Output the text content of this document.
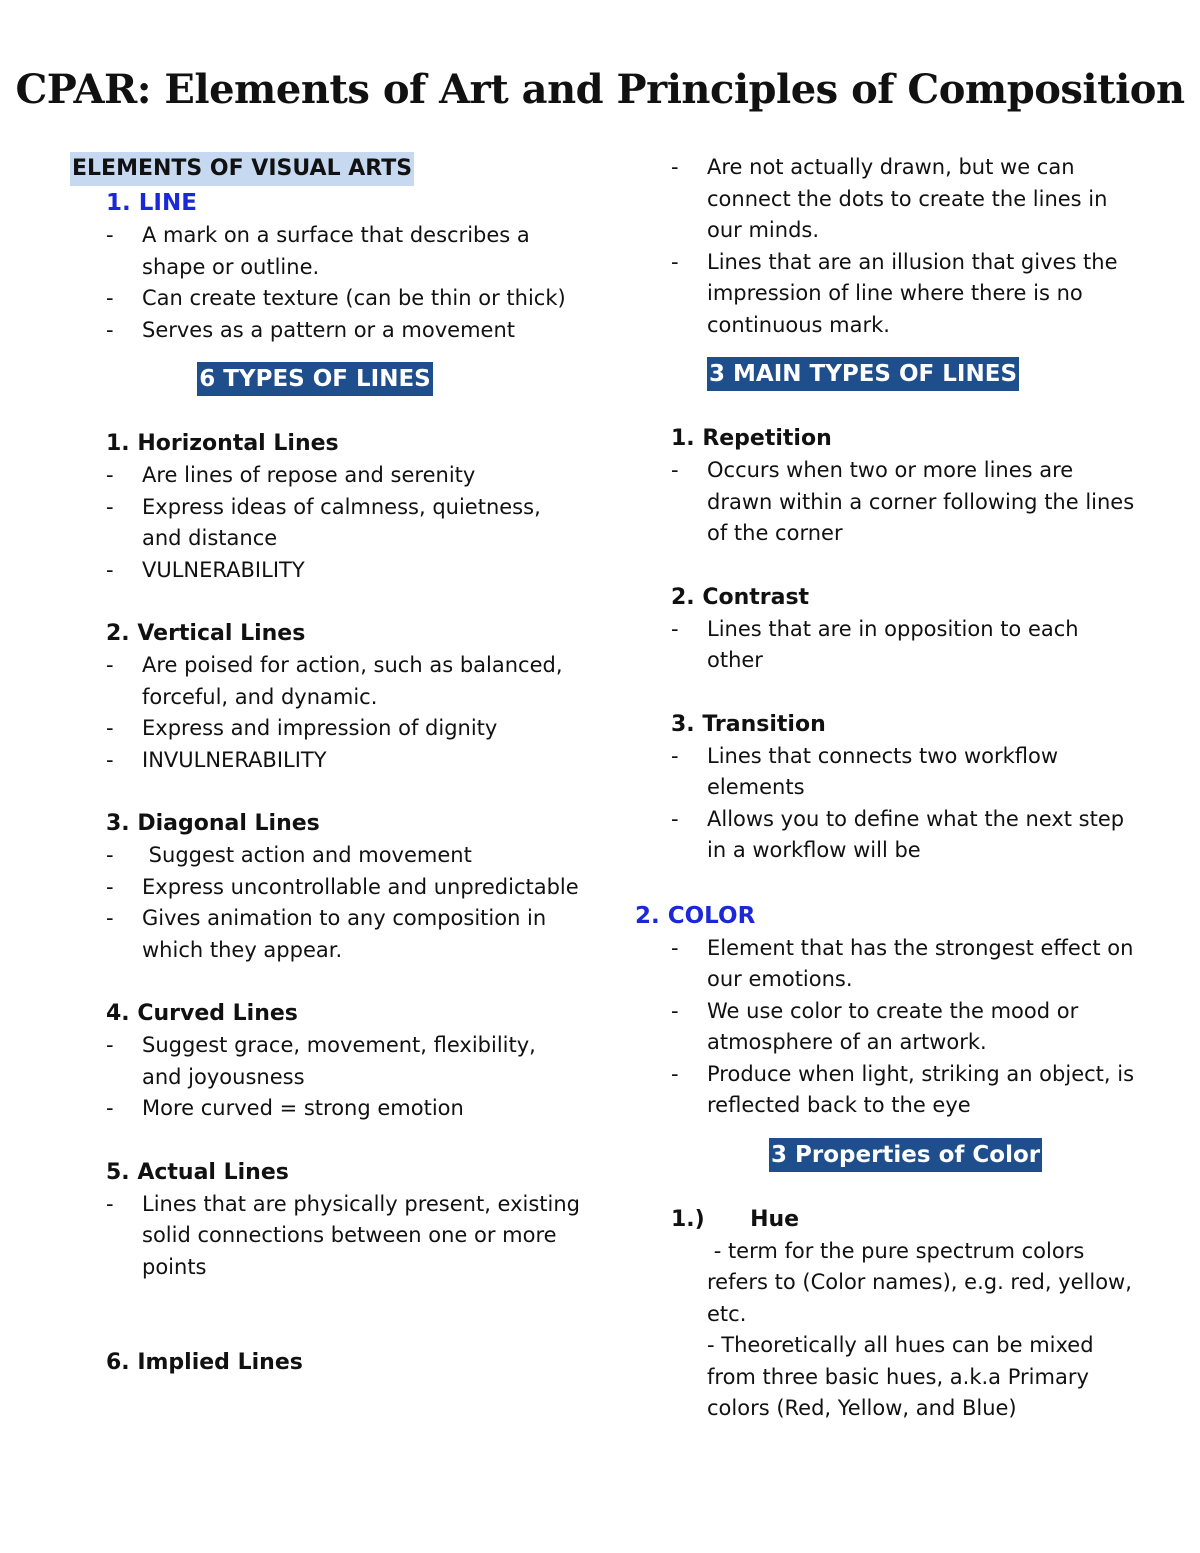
CPAR: Elements of Art and Principles of Composition
ELEMENTS OF VISUAL ARTS
1. LINE
-	A mark on a surface that describes a shape or outline.
-	Can create texture (can be thin or thick)
-	Serves as a pattern or a movement
6 TYPES OF LINES
1. Horizontal Lines
-	Are lines of repose and serenity
-	Express ideas of calmness, quietness, and distance
-	VULNERABILITY
2. Vertical Lines
-	Are poised for action, such as balanced, forceful, and dynamic.
-	Express and impression of dignity
-	INVULNERABILITY
3. Diagonal Lines
-	Suggest action and movement
-	Express uncontrollable and unpredictable
-	Gives animation to any composition in which they appear.
4. Curved Lines
-	Suggest grace, movement, flexibility, and joyousness
-	More curved = strong emotion
5. Actual Lines
-	Lines that are physically present, existing solid connections between one or more points
6. Implied Lines
-	Are not actually drawn, but we can connect the dots to create the lines in our minds.
-	Lines that are an illusion that gives the impression of line where there is no continuous mark.
3 MAIN TYPES OF LINES
1. Repetition
-	Occurs when two or more lines are drawn within a corner following the lines of the corner
2. Contrast
-	Lines that are in opposition to each other
3. Transition
-	Lines that connects two workflow elements
-	Allows you to define what the next step in a workflow will be
2. COLOR
-	Element that has the strongest effect on our emotions.
-	We use color to create the mood or atmosphere of an artwork.
-	Produce when light, striking an object, is reflected back to the eye
3 Properties of Color
1.) Hue
- term for the pure spectrum colors refers to (Color names), e.g. red, yellow, etc.
- Theoretically all hues can be mixed from three basic hues, a.k.a Primary colors (Red, Yellow, and Blue)
